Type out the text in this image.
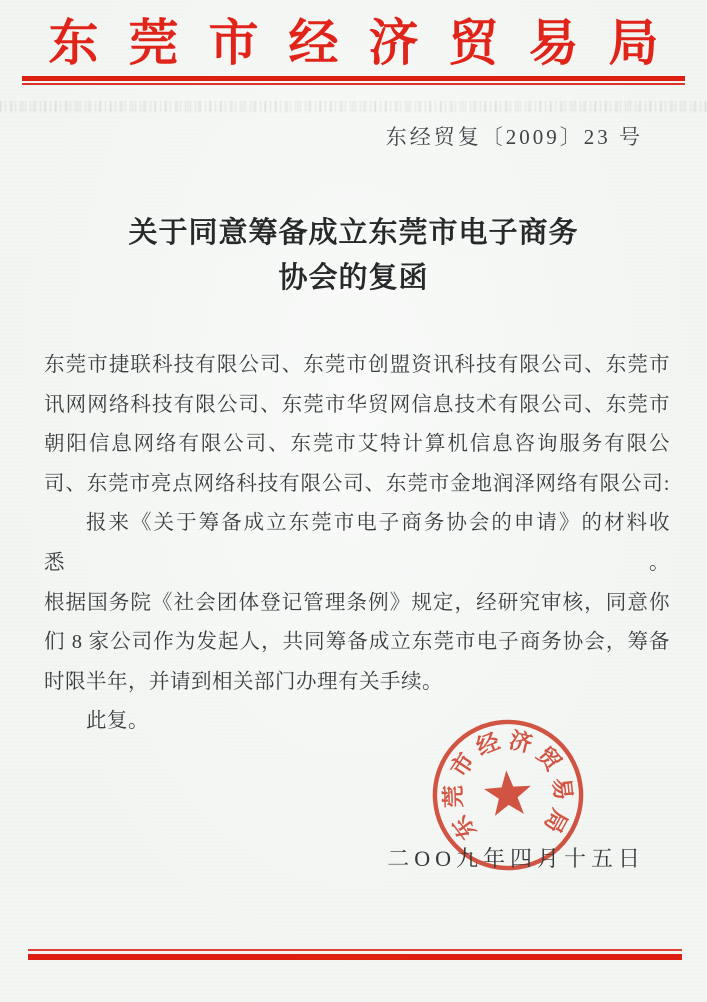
东莞市经济贸易局
东经贸复〔2009〕23 号
关于同意筹备成立东莞市电子商务
协会的复函
东莞市捷联科技有限公司、东莞市创盟资讯科技有限公司、东莞市
讯网网络科技有限公司、东莞市华贸网信息技术有限公司、东莞市
朝阳信息网络有限公司、东莞市艾特计算机信息咨询服务有限公
司、东莞市亮点网络科技有限公司、东莞市金地润泽网络有限公司:
报来《关于筹备成立东莞市电子商务协会的申请》的材料收悉。
根据国务院《社会团体登记管理条例》规定，经研究审核，同意你
们 8 家公司作为发起人，共同筹备成立东莞市电子商务协会，筹备
时限半年，并请到相关部门办理有关手续。
此复。
东
莞
市
经 济
贸
易
局
二OO九年四月十五日
